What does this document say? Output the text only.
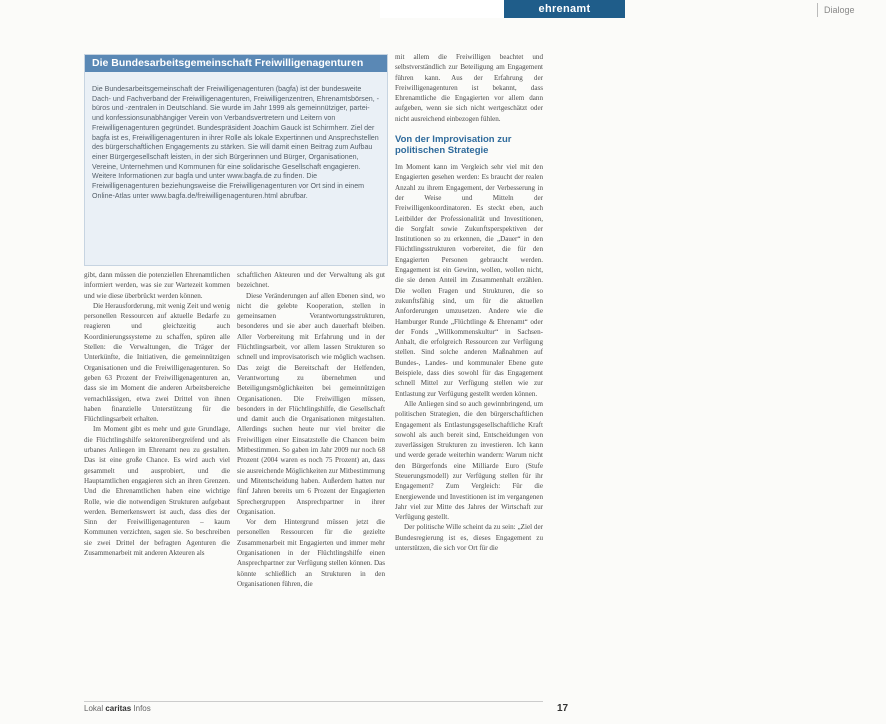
Dialoge
ehrenamt
Die Bundesarbeitsgemeinschaft Freiwilligenagenturen
Die Bundesarbeitsgemeinschaft der Freiwilligenagenturen (bagfa) ist der bundesweite Dach- und Fachverband der Freiwilligenagenturen, Freiwilligenzentren, Ehrenamtsbörsen, -büros und -zentralen in Deutschland. Sie wurde im Jahr 1999 als gemeinnütziger, partei- und konfessionsunabhängiger Verein von Verbandsvertretern und Leitern von Freiwilligenagenturen gegründet. Bundespräsident Joachim Gauck ist Schirmherr. Ziel der bagfa ist es, Freiwilligenagenturen in ihrer Rolle als lokale Expertinnen und Ansprechstellen des bürgerschaftlichen Engagements zu stärken. Sie will damit einen Beitrag zum Aufbau einer Bürgergesellschaft leisten, in der sich Bürgerinnen und Bürger, Organisationen, Vereine, Unternehmen und Kommunen für eine solidarische Gesellschaft engagieren. Weitere Informationen zur bagfa und unter www.bagfa.de zu finden. Die Freiwilligenagenturen beziehungsweise die Freiwilligenagenturen vor Ort sind in einem Online-Atlas unter www.bagfa.de/freiwilligenagenturen.html abrufbar.

gibt, dann müssen die potenziellen Ehrenamtlichen informiert werden, was sie zur Wartezeit kommen und wie diese überbrückt werden können.

Die Herausforderung, mit wenig Zeit und wenig personellen Ressourcen auf aktuelle Bedarfe zu reagieren und gleichzeitig auch Koordinierungssysteme zu schaffen, spüren alle Stellen: die Verwaltungen, die Träger der Unterkünfte, die Initiativen, die gemeinnützigen Organisationen und die Freiwilligenagenturen. So geben 63 Prozent der Freiwilligenagenturen an, dass sie im Moment die anderen Arbeitsbereiche vernachlässigen, etwa zwei Drittel von ihnen haben finanzielle Unterstützung für die Flüchtlingsarbeit erhalten.

Im Moment gibt es mehr und gute Grundlage, die Flüchtlingshilfe sektorenübergreifend und als urbanes Anliegen im Ehrenamt neu zu gestalten. Das ist eine große Chance. Es wird auch viel gesammelt und ausprobiert, und die Hauptamtlichen engagieren sich an ihren Grenzen. Und die Ehrenamtlichen haben eine wichtige Rolle, wie die notwendigen Strukturen aufgebaut werden. Bemerkenswert ist auch, dass dies der Sinn der Freiwilligenagenturen – kaum Kommunen verzichten, sagen sie. So beschreiben sie zwei Drittel der befragten Agenturen die Zusammenarbeit mit anderen Akteuren als

schaftlichen Akteuren und der Verwaltung als gut bezeichnet.

Diese Veränderungen auf allen Ebenen sind, wo nicht die gelebte Kooperation, stellen in gemeinsamen Verantwortungsstrukturen, besonderes und sie aber auch dauerhaft bleiben. Aller Vorbereitung mit Erfahrung und in der Flüchtlingsarbeit, vor allem lassen Strukturen so schnell und improvisatorisch wie möglich wachsen. Das zeigt die Bereitschaft der Helfenden, Verantwortung zu übernehmen und Beteiligungsmöglichkeiten bei gemeinnützigen Organisationen. Die Freiwilligen müssen, besonders in der Flüchtlingshilfe, die Gesellschaft und damit auch die Organisationen mitgestalten. Allerdings suchen heute nur viel breiter die Freiwilligen einer Einsatzstelle die Chancen beim Mitbestimmen. So gaben im Jahr 2009 nur noch 68 Prozent (2004 waren es noch 75 Prozent) an, dass sie ausreichende Möglichkeiten zur Mitbestimmung und Mitentscheidung haben. Außerdem hatten nur fünf Jahren bereits um 6 Prozent der Engagierten Sprechergruppen Ansprechpartner in ihrer Organisation.

Vor dem Hintergrund müssen jetzt die personellen Ressourcen für die gezielte Zusammenarbeit mit Engagierten und immer mehr Organisationen in der Flüchtlingshilfe einen Ansprechpartner zur Verfügung stellen können. Das könnte schließlich an Strukturen in den Organisationen führen, die

mit allem die Freiwilligen beachtet und selbstverständlich zur Beteiligung am Engagement führen kann. Aus der Erfahrung der Freiwilligenagenturen ist bekannt, dass Ehrenamtliche die Engagierten vor allem dann aufgeben, wenn sie sich nicht wertgeschätzt oder nicht ausreichend einbezogen fühlen.

Von der Improvisation zur politischen Strategie

Im Moment kann im Vergleich sehr viel mit den Engagierten gesehen werden: Es braucht der realen Anzahl zu ihrem Engagement, der Verbesserung in der Weise und Mitteln der Freiwilligenkoordinatoren. Es steckt eben, auch Leitbilder der Professionalität und Investitionen, die Sorgfalt sowie Zukunftsperspektiven der Institutionen so zu erkennen, die „Dauer“ in den Flüchtlingsstrukturen vorbereitet, die für den Engagierten Personen gebraucht werden. Engagement ist ein Gewinn, wollen, wollen nicht, die sie denen Anteil im Zusammenhalt erzählen. Die wollen Fragen und Strukturen, die so zukunftsfähig sind, um für die aktuellen Anforderungen umzusetzen. Andere wie die Hamburger Runde „Flüchtlinge & Ehrenamt“ oder der Fonds „Willkommenskultur“ in Sachsen-Anhalt, die erfolgreich Ressourcen zur Verfügung stellen. Sind solche anderen Maßnahmen auf Bundes-, Landes- und kommunaler Ebene gute Beispiele, dass dies sowohl für das Engagement schnell Mittel zur Verfügung stellen wie zur Entlastung zur Verfügung gestellt werden können.

Alle Anliegen sind so auch gewinnbringend, um politischen Strategien, die den bürgerschaftlichen Engagement als Entlastungsgesellschaftliche Kraft sowohl als auch bereit sind, Entscheidungen von zuverlässigen Strukturen zu investieren. Ich kann und werde gerade weiterhin wandern: Warum nicht den Bürgerfonds eine Milliarde Euro (Stufe Steuerungsmodell) zur Verfügung stellen für ihr Engagement? Zum Vergleich: Für die Energiewende und Investitionen ist im vergangenen Jahr viel zur Mitte des Jahres der Wirtschaft zur Verfügung gestellt.

Der politische Wille scheint da zu sein: „Ziel der Bundesregierung ist es, dieses Engagement zu unterstützen, die sich vor Ort für die

Lokal caritas Infos	17
